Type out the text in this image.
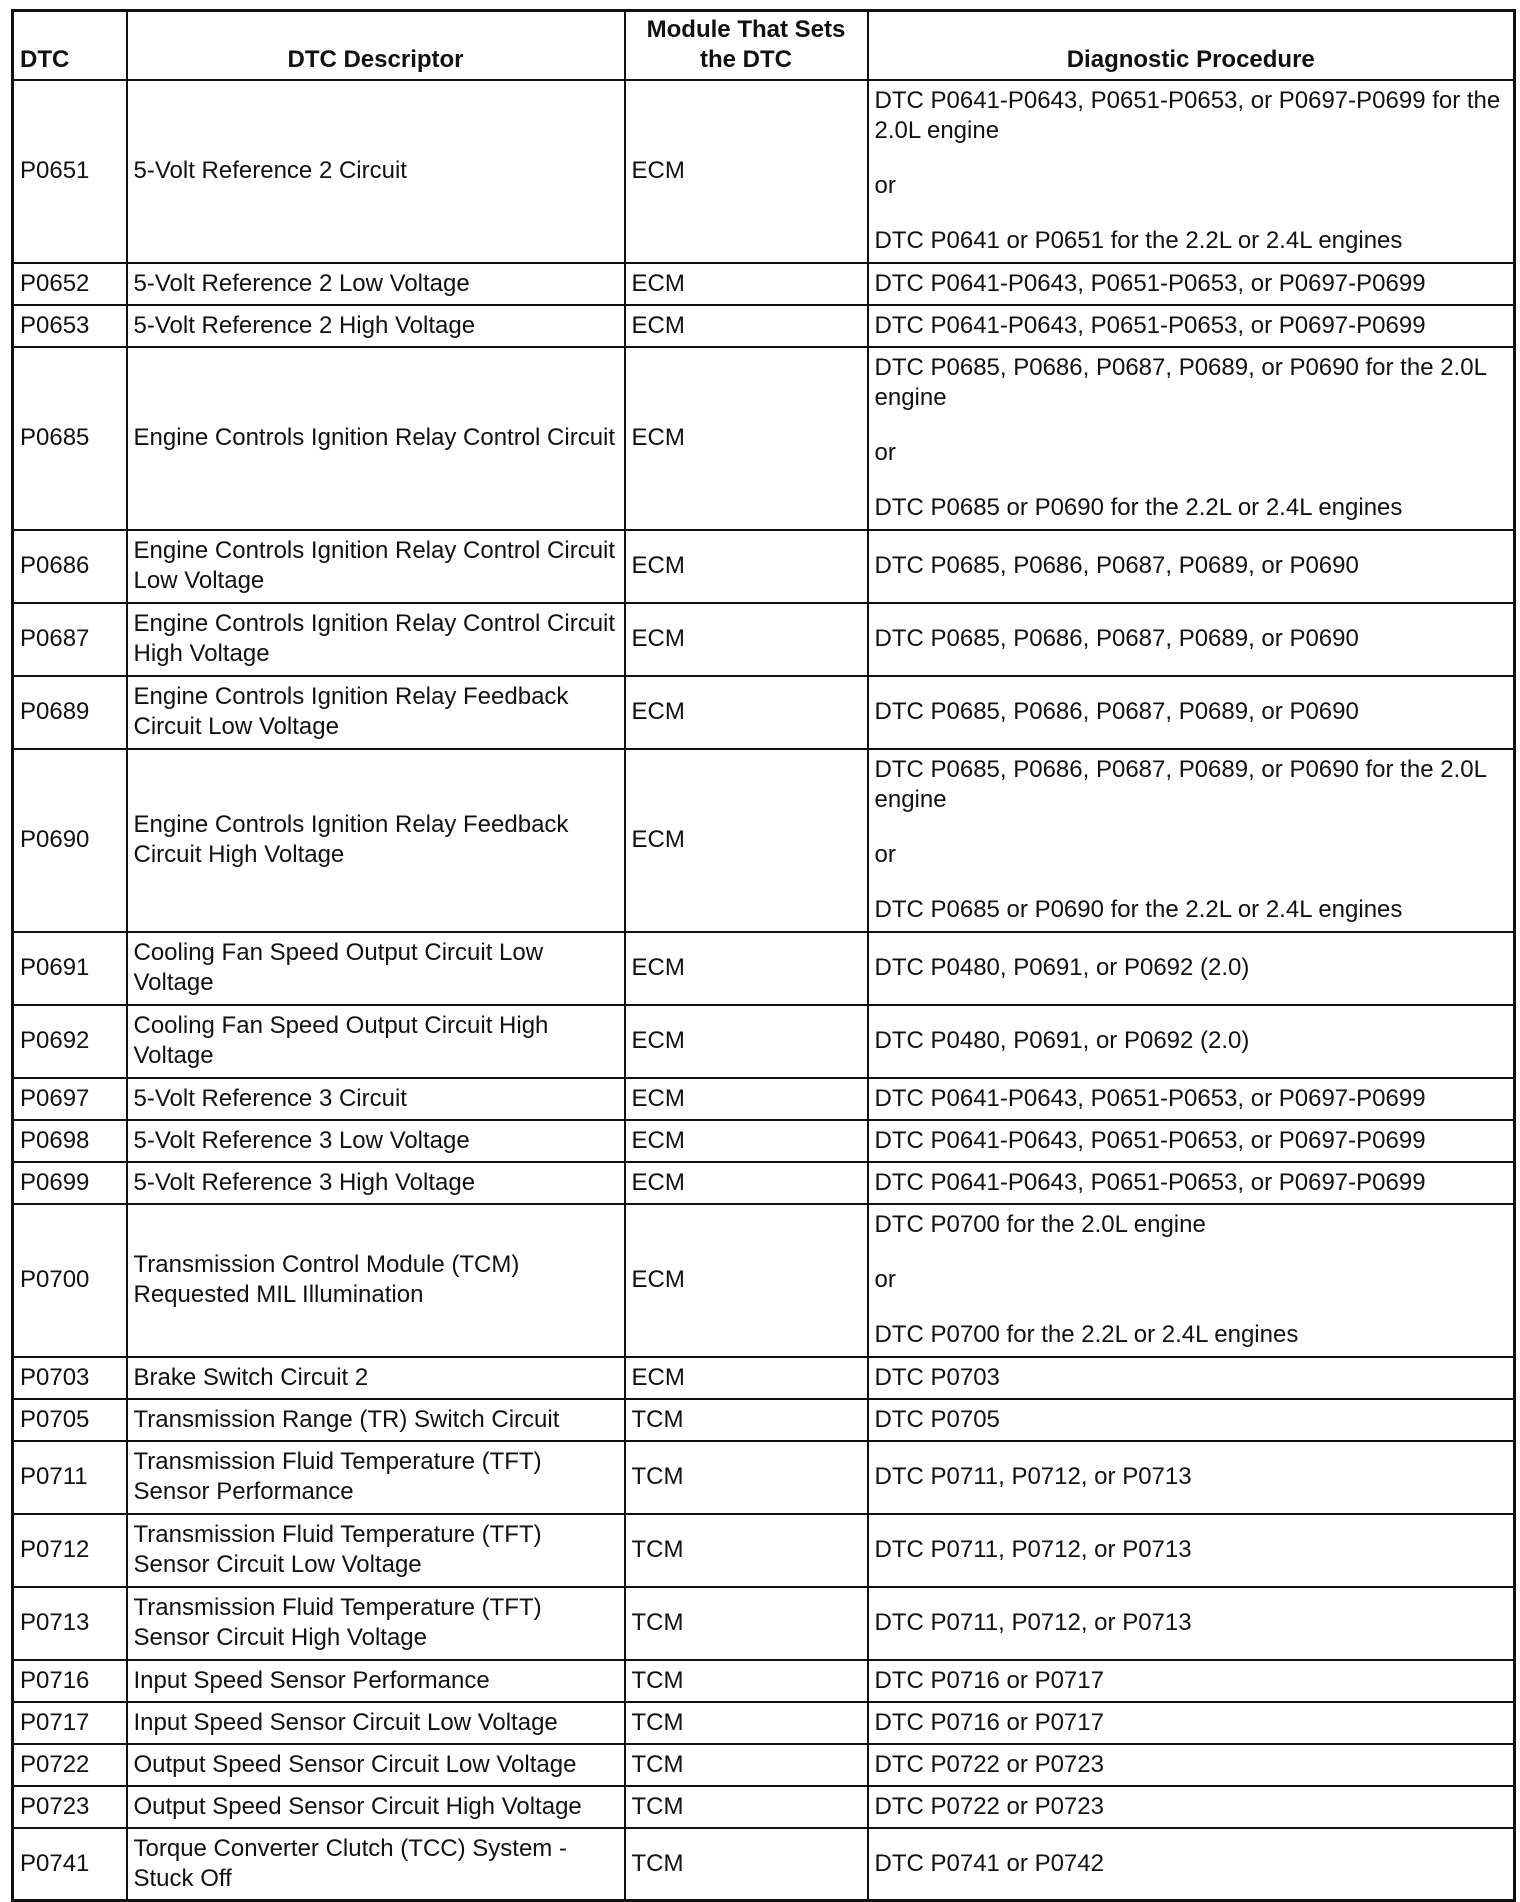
DTC	DTC Descriptor	Module That Sets the DTC	Diagnostic Procedure
P0651	5-Volt Reference 2 Circuit	ECM	DTC P0641-P0643, P0651-P0653, or P0697-P0699 for the 2.0L engine
or
DTC P0641 or P0651 for the 2.2L or 2.4L engines

P0652	5-Volt Reference 2 Low Voltage	ECM	DTC P0641-P0643, P0651-P0653, or P0697-P0699

P0653	5-Volt Reference 2 High Voltage	ECM	DTC P0641-P0643, P0651-P0653, or P0697-P0699

P0685	Engine Controls Ignition Relay Control Circuit	ECM	DTC P0685, P0686, P0687, P0689, or P0690 for the 2.0L engine
or
DTC P0685 or P0690 for the 2.2L or 2.4L engines

P0686	Engine Controls Ignition Relay Control Circuit Low Voltage	ECM	DTC P0685, P0686, P0687, P0689, or P0690

P0687	Engine Controls Ignition Relay Control Circuit High Voltage	ECM	DTC P0685, P0686, P0687, P0689, or P0690

P0689	Engine Controls Ignition Relay Feedback Circuit Low Voltage	ECM	DTC P0685, P0686, P0687, P0689, or P0690

P0690	Engine Controls Ignition Relay Feedback Circuit High Voltage	ECM	DTC P0685, P0686, P0687, P0689, or P0690 for the 2.0L engine
or
DTC P0685 or P0690 for the 2.2L or 2.4L engines

P0691	Cooling Fan Speed Output Circuit Low Voltage	ECM	DTC P0480, P0691, or P0692 (2.0)

P0692	Cooling Fan Speed Output Circuit High Voltage	ECM	DTC P0480, P0691, or P0692 (2.0)

P0697	5-Volt Reference 3 Circuit	ECM	DTC P0641-P0643, P0651-P0653, or P0697-P0699

P0698	5-Volt Reference 3 Low Voltage	ECM	DTC P0641-P0643, P0651-P0653, or P0697-P0699

P0699	5-Volt Reference 3 High Voltage	ECM	DTC P0641-P0643, P0651-P0653, or P0697-P0699

P0700	Transmission Control Module (TCM) Requested MIL Illumination	ECM	DTC P0700 for the 2.0L engine
or
DTC P0700 for the 2.2L or 2.4L engines

P0703	Brake Switch Circuit 2	ECM	DTC P0703

P0705	Transmission Range (TR) Switch Circuit	TCM	DTC P0705

P0711	Transmission Fluid Temperature (TFT) Sensor Performance	TCM	DTC P0711, P0712, or P0713

P0712	Transmission Fluid Temperature (TFT) Sensor Circuit Low Voltage	TCM	DTC P0711, P0712, or P0713

P0713	Transmission Fluid Temperature (TFT) Sensor Circuit High Voltage	TCM	DTC P0711, P0712, or P0713

P0716	Input Speed Sensor Performance	TCM	DTC P0716 or P0717

P0717	Input Speed Sensor Circuit Low Voltage	TCM	DTC P0716 or P0717

P0722	Output Speed Sensor Circuit Low Voltage	TCM	DTC P0722 or P0723

P0723	Output Speed Sensor Circuit High Voltage	TCM	DTC P0722 or P0723

P0741	Torque Converter Clutch (TCC) System - Stuck Off	TCM	DTC P0741 or P0742
